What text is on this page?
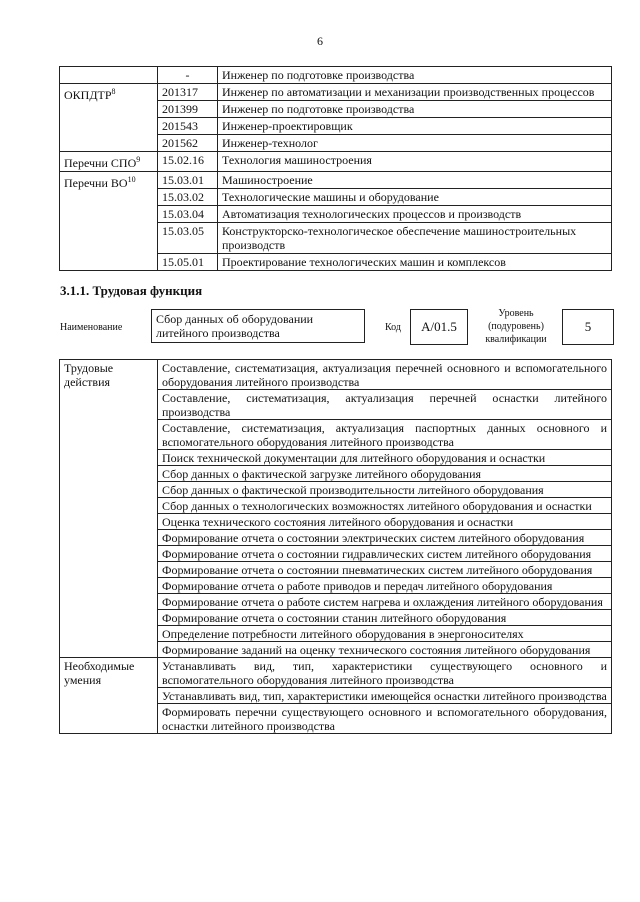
6
	-	Инженер по подготовке производства
ОКПДТР$^8$	201317	Инженер по автоматизации и механизации производственных процессов
	201399	Инженер по подготовке производства
	201543	Инженер-проектировщик
	201562	Инженер-технолог
Перечни СПО$^9$	15.02.16	Технология машиностроения
Перечни ВО$^{10}$	15.03.01	Машиностроение
	15.03.02	Технологические машины и оборудование
	15.03.04	Автоматизация технологических процессов и производств
	15.03.05	Конструкторско-технологическое обеспечение машиностроительных производств
	15.05.01	Проектирование технологических машин и комплексов
3.1.1. Трудовая функция
Наименование
Сбор данных об оборудовании литейного производства	Код	A/01.5
Уровень (подуровень) квалификации
5
Трудовые действия	Составление, систематизация, актуализация перечней основного и вспомогательного оборудования литейного производства
	Составление, систематизация, актуализация перечней оснастки литейного производства
	Составление, систематизация, актуализация паспортных данных основного и вспомогательного оборудования литейного производства
	Поиск технической документации для литейного оборудования и оснастки
	Сбор данных о фактической загрузке литейного оборудования
	Сбор данных о фактической производительности литейного оборудования
	Сбор данных о технологических возможностях литейного оборудования и оснастки
	Оценка технического состояния литейного оборудования и оснастки
	Формирование отчета о состоянии электрических систем литейного оборудования
	Формирование отчета о состоянии гидравлических систем литейного оборудования
	Формирование отчета о состоянии пневматических систем литейного оборудования
	Формирование отчета о работе приводов и передач литейного оборудования
	Формирование отчета о работе систем нагрева и охлаждения литейного оборудования
	Формирование отчета о состоянии станин литейного оборудования
	Определение потребности литейного оборудования в энергоносителях
	Формирование заданий на оценку технического состояния литейного оборудования
Необходимые умения	Устанавливать вид, тип, характеристики существующего основного и вспомогательного оборудования литейного производства
	Устанавливать вид, тип, характеристики имеющейся оснастки литейного производства
	Формировать перечни существующего основного и вспомогательного оборудования, оснастки литейного производства
